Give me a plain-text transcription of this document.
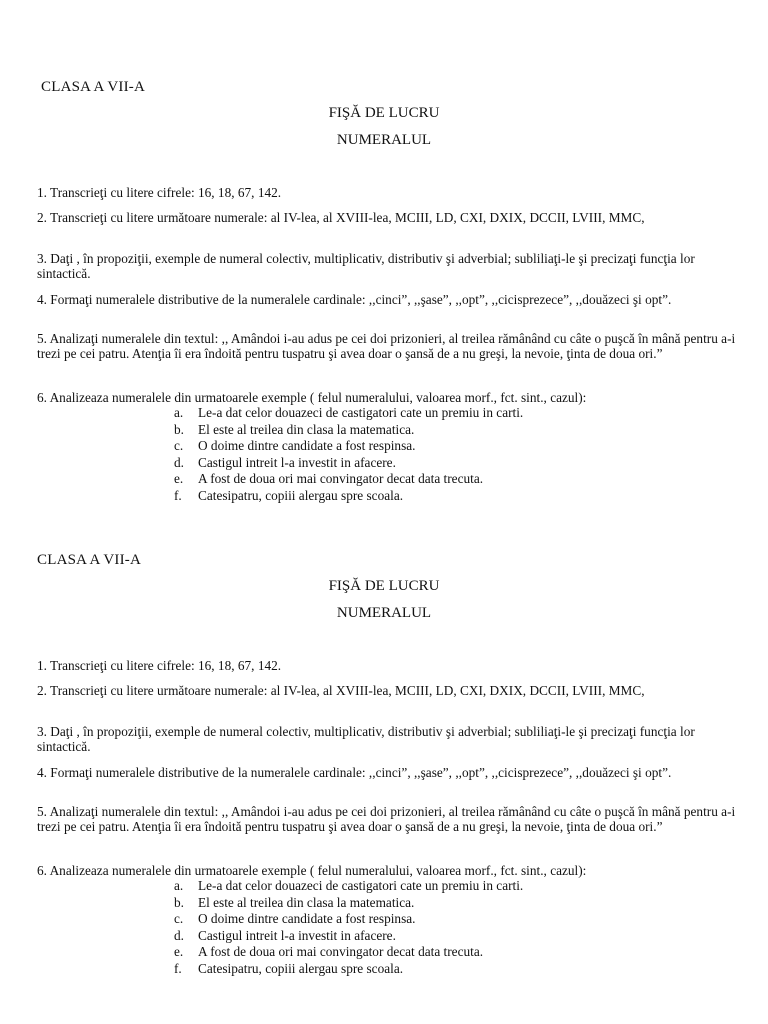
CLASA A VII-A
FIŞĂ DE LUCRU
NUMERALUL
1. Transcrieţi cu litere cifrele: 16, 18, 67, 142.
2. Transcrieţi cu litere următoare numerale: al IV-lea, al XVIII-lea, MCIII, LD, CXI, DXIX, DCCII, LVIII, MMC,
3. Daţi , în propoziţii, exemple de numeral colectiv, multiplicativ, distributiv şi adverbial; subliliaţi-le şi precizaţi funcţia lor sintactică.
4. Formaţi numeralele distributive de la numeralele cardinale: ,,cinci”, ,,şase”, ,,opt”, ,,cicisprezece”, ,,douăzeci şi opt”.
5. Analizaţi numeralele din textul: ,, Amândoi i-au adus pe cei doi prizonieri, al treilea rămânând cu câte o puşcă în mână pentru a-i trezi pe cei patru. Atenţia îi era îndoită pentru tuspatru şi avea doar o şansă de a nu greşi, la nevoie, ţinta de doua ori.”
6. Analizeaza numeralele din urmatoarele exemple ( felul numeralului, valoarea morf., fct. sint., cazul):
a.	Le-a dat celor douazeci de castigatori cate un premiu in carti.
b.	El este al treilea din clasa la matematica.
c.	O doime dintre candidate a fost respinsa.
d.	Castigul intreit l-a investit in afacere.
e.	A fost de doua ori mai convingator decat data trecuta.
f.	Catesipatru, copiii alergau spre scoala.
CLASA A VII-A
FIŞĂ DE LUCRU
NUMERALUL
1. Transcrieţi cu litere cifrele: 16, 18, 67, 142.
2. Transcrieţi cu litere următoare numerale: al IV-lea, al XVIII-lea, MCIII, LD, CXI, DXIX, DCCII, LVIII, MMC,
3. Daţi , în propoziţii, exemple de numeral colectiv, multiplicativ, distributiv şi adverbial; subliliaţi-le şi precizaţi funcţia lor sintactică.
4. Formaţi numeralele distributive de la numeralele cardinale: ,,cinci”, ,,şase”, ,,opt”, ,,cicisprezece”, ,,douăzeci şi opt”.
5. Analizaţi numeralele din textul: ,, Amândoi i-au adus pe cei doi prizonieri, al treilea rămânând cu câte o puşcă în mână pentru a-i trezi pe cei patru. Atenţia îi era îndoită pentru tuspatru şi avea doar o şansă de a nu greşi, la nevoie, ţinta de doua ori.”
6. Analizeaza numeralele din urmatoarele exemple ( felul numeralului, valoarea morf., fct. sint., cazul):
a.	Le-a dat celor douazeci de castigatori cate un premiu in carti.
b.	El este al treilea din clasa la matematica.
c.	O doime dintre candidate a fost respinsa.
d.	Castigul intreit l-a investit in afacere.
e.	A fost de doua ori mai convingator decat data trecuta.
f.	Catesipatru, copiii alergau spre scoala.
